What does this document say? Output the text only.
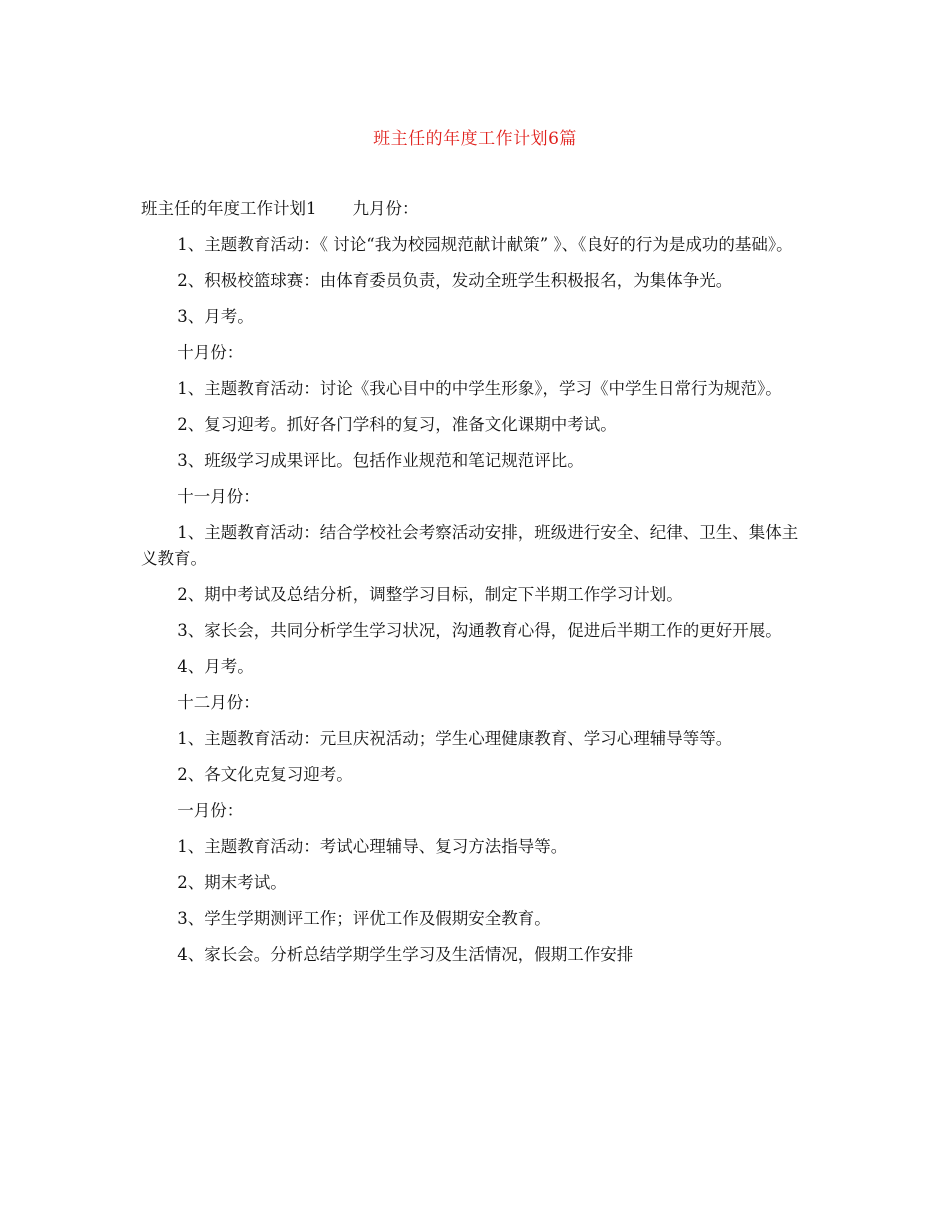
班主任的年度工作计划6篇

班主任的年度工作计划1 九月份：

1、主题教育活动：《 讨论“我为校园规范献计献策” 》、《良好的行为是成功的基础》。

2、积极校篮球赛：由体育委员负责，发动全班学生积极报名，为集体争光。

3、月考。

十月份：

1、主题教育活动：讨论《我心目中的中学生形象》，学习《中学生日常行为规范》。

2、复习迎考。抓好各门学科的复习，准备文化课期中考试。

3、班级学习成果评比。包括作业规范和笔记规范评比。

十一月份：

1、主题教育活动：结合学校社会考察活动安排，班级进行安全、纪律、卫生、集体主义教育。

2、期中考试及总结分析，调整学习目标，制定下半期工作学习计划。

3、家长会，共同分析学生学习状况，沟通教育心得，促进后半期工作的更好开展。

4、月考。

十二月份：

1、主题教育活动：元旦庆祝活动；学生心理健康教育、学习心理辅导等等。

2、各文化克复习迎考。

一月份：

1、主题教育活动：考试心理辅导、复习方法指导等。

2、期末考试。

3、学生学期测评工作；评优工作及假期安全教育。

4、家长会。分析总结学期学生学习及生活情况，假期工作安排
